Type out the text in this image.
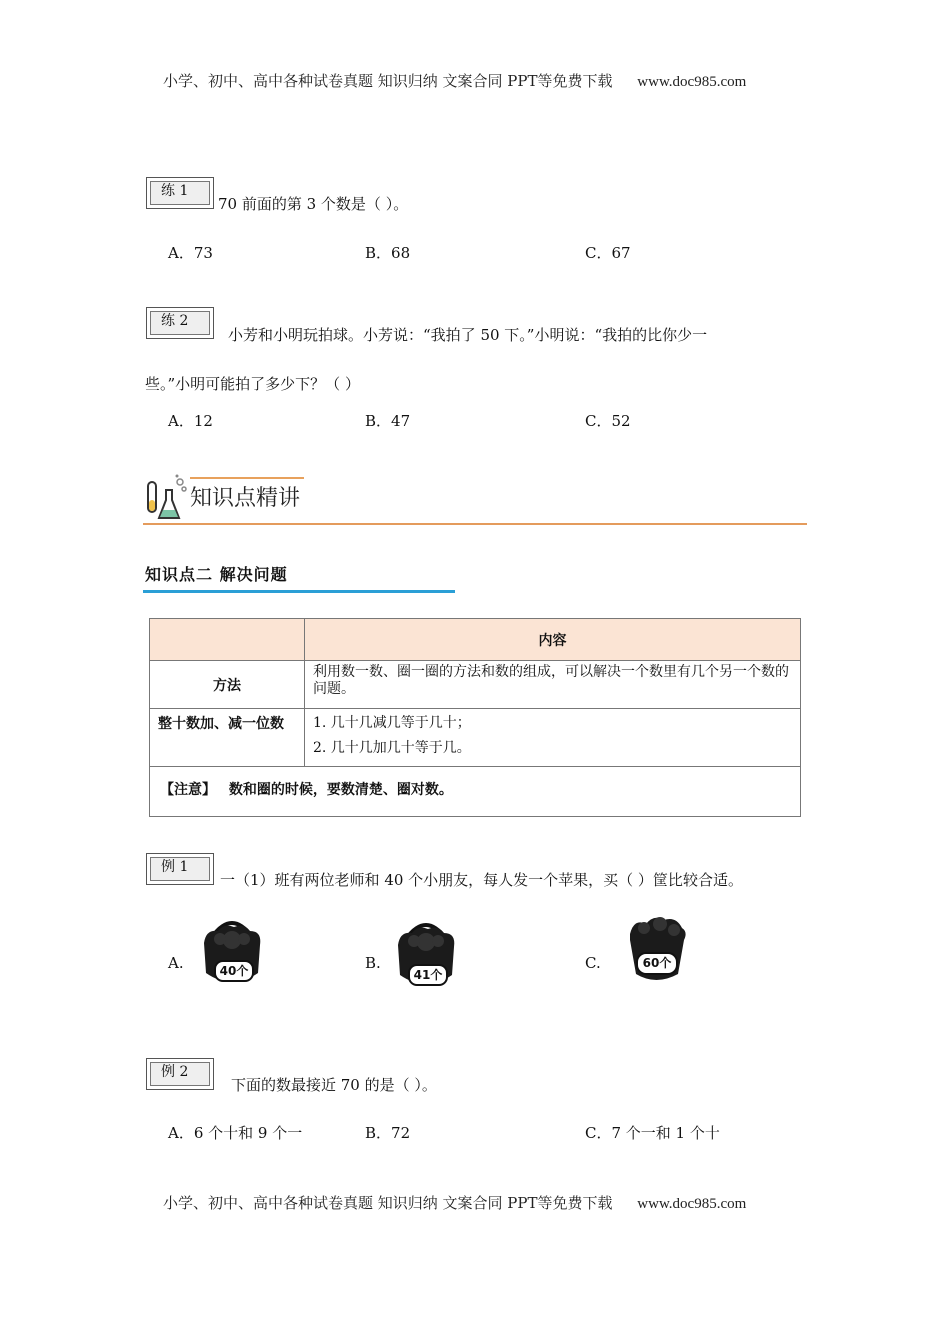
小学、初中、高中各种试卷真题 知识归纳 文案合同 PPT等免费下载 www.doc985.com
练 1
70 前面的第 3 个数是（ ）。
A．73	B．68	C．67
练 2
小芳和小明玩拍球。小芳说：“我拍了 50 下。”小明说：“我拍的比你少一
些。”小明可能拍了多少下？（ ）
A．12	B．47	C．52
知识点精讲
知识点二 解决问题
	内容
方法	利用数一数、圈一圈的方法和数的组成，可以解决一个数里有几个另一个数的问题。
整十数加、减一位数	1. 几十几减几等于几十；
2. 几十几加几十等于几。

【注意】 数和圈的时候，要数清楚、圈对数。	
例 1
一（1）班有两位老师和 40 个小朋友，每人发一个苹果，买（ ）筐比较合适。
A.	40个	B.
41个
C.	60个
例 2
下面的数最接近 70 的是（ ）。
A．6 个十和 9 个一	B．72	C．7 个一和 1 个十
小学、初中、高中各种试卷真题 知识归纳 文案合同 PPT等免费下载 www.doc985.com
